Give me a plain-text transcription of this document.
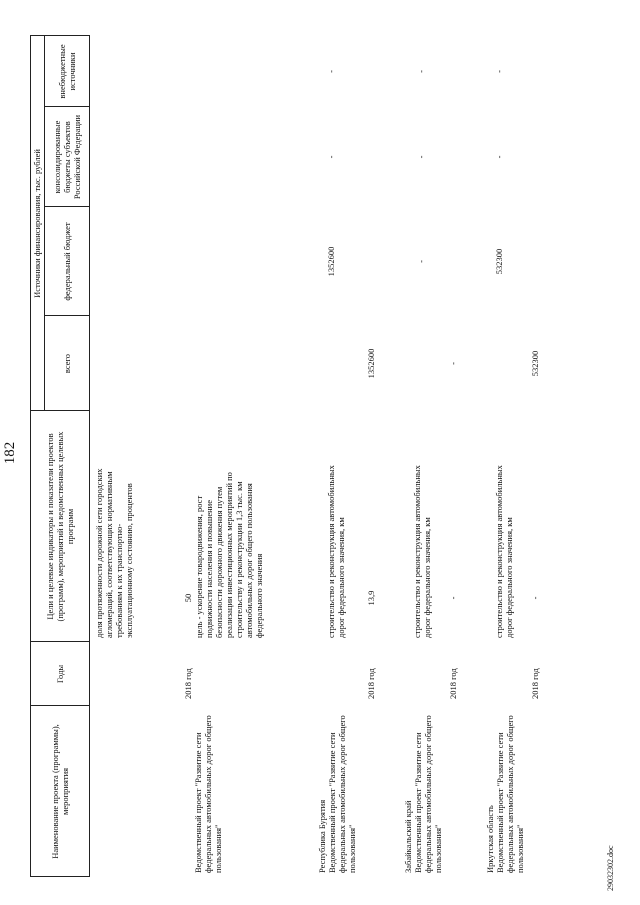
182
Наименование проекта (программы), мероприятия
Годы
Цели и целевые индикаторы и показатели проектов (программ), мероприятий и ведомственных целевых программ
Источники финансирования, тыс. рублей
всего
федеральный бюджет
консолидированные бюджеты субъектов Российской Федерации
внебюджетные источники
доля протяженности дорожной сети городских агломераций, соответствующих нормативным требованиям к их транспортно-эксплуатационному состоянию, процентов
Ведомственный проект "Развитие сети федеральных автомобильных дорог общего пользования"
2018 год
50 цель - ускорение товародвижения, рост подвижности населения и повышение безопасности дорожного движения путем реализации инвестиционных мероприятий по строительству и реконструкции 1,3 тыс. км автомобильных дорог общего пользования федерального значения
Республика Бурятия
Ведомственный проект "Развитие сети федеральных автомобильных дорог общего пользования"
2018 год
строительство и реконструкция автомобильных дорог федерального значения, км 13,9
1352600
1352600
-
-
Забайкальский край
Ведомственный проект "Развитие сети федеральных автомобильных дорог общего пользования"
2018 год
строительство и реконструкция автомобильных дорог федерального значения, км -
-
-
-
-
Иркутская область
Ведомственный проект "Развитие сети федеральных автомобильных дорог общего пользования"
2018 год
строительство и реконструкция автомобильных дорог федерального значения, км -
532300
532300
-
-
29032302.doc
